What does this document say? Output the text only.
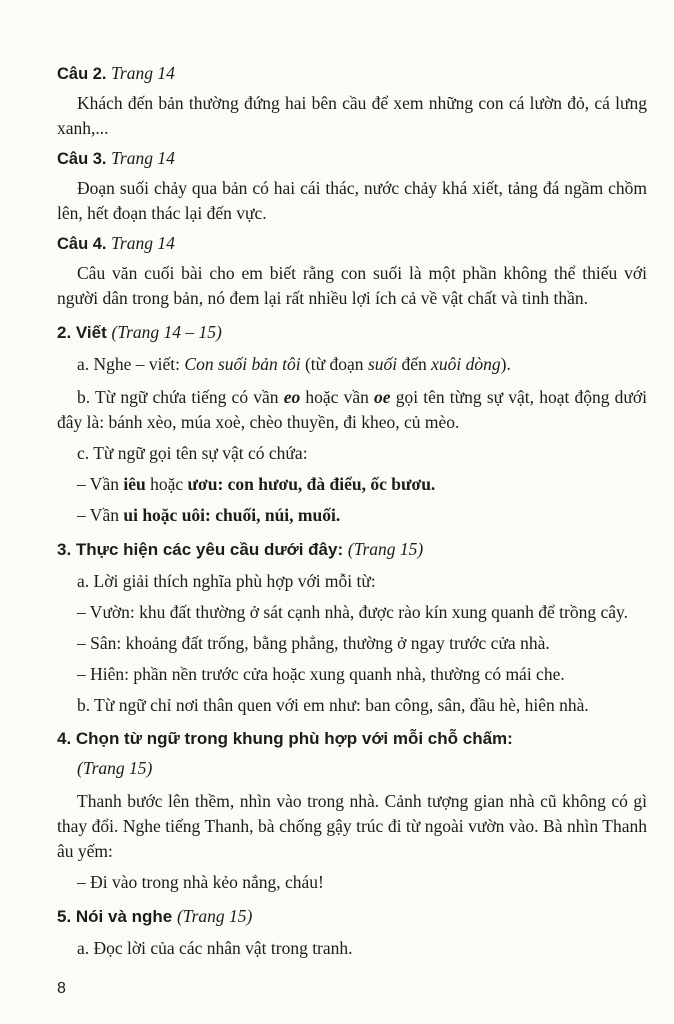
Câu 2. Trang 14

Khách đến bản thường đứng hai bên cầu để xem những con cá lườn đỏ, cá lưng xanh,...

Câu 3. Trang 14

Đoạn suối chảy qua bản có hai cái thác, nước chảy khá xiết, tảng đá ngầm chồm lên, hết đoạn thác lại đến vực.

Câu 4. Trang 14

Câu văn cuối bài cho em biết rằng con suối là một phần không thể thiếu với người dân trong bản, nó đem lại rất nhiều lợi ích cả về vật chất và tinh thần.

2. Viết (Trang 14 – 15)

a. Nghe – viết: Con suối bản tôi (từ đoạn suối đến xuôi dòng).

b. Từ ngữ chứa tiếng có vần eo hoặc vần oe gọi tên từng sự vật, hoạt động dưới đây là: bánh xèo, múa xoè, chèo thuyền, đi kheo, củ mèo.

c. Từ ngữ gọi tên sự vật có chứa:

– Vần iêu hoặc ươu: con hươu, đà điểu, ốc bươu.

– Vần ui hoặc uôi: chuối, núi, muối.

3. Thực hiện các yêu cầu dưới đây: (Trang 15)

a. Lời giải thích nghĩa phù hợp với mỗi từ:

– Vườn: khu đất thường ở sát cạnh nhà, được rào kín xung quanh để trồng cây.

– Sân: khoảng đất trống, bằng phẳng, thường ở ngay trước cửa nhà.

– Hiên: phần nền trước cửa hoặc xung quanh nhà, thường có mái che.

b. Từ ngữ chỉ nơi thân quen với em như: ban công, sân, đầu hè, hiên nhà.

4. Chọn từ ngữ trong khung phù hợp với mỗi chỗ chấm:

(Trang 15)

Thanh bước lên thềm, nhìn vào trong nhà. Cảnh tượng gian nhà cũ không có gì thay đổi. Nghe tiếng Thanh, bà chống gậy trúc đi từ ngoài vườn vào. Bà nhìn Thanh âu yếm:

– Đi vào trong nhà kẻo nắng, cháu!

5. Nói và nghe (Trang 15)

a. Đọc lời của các nhân vật trong tranh.

8
